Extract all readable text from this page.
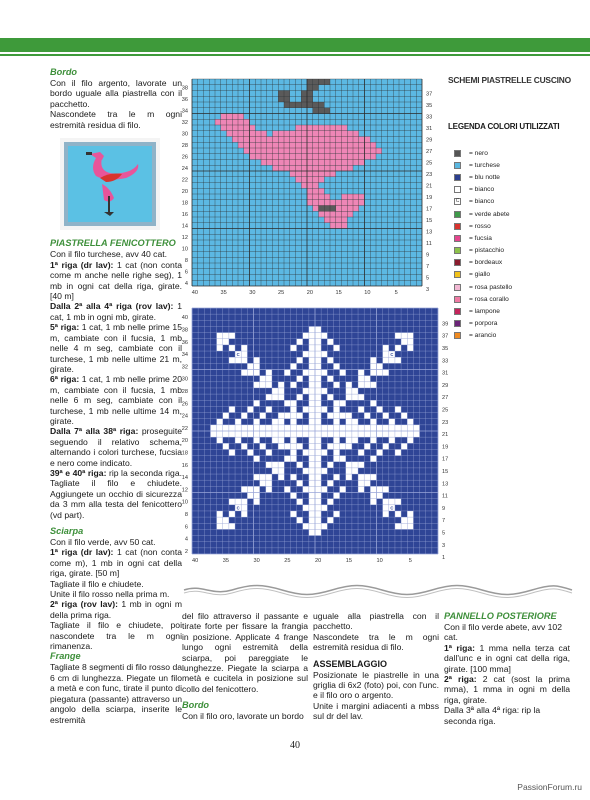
Bordo

Con il filo argento, lavorate un bordo uguale alla piastrella con il pacchetto.

Nascondete tra le m ogni estremità residua di filo.

PIASTRELLA FENICOTTERO

Con il filo turchese, avv 40 cat.

1ª riga (dr lav): 1 cat (non conta come m anche nelle righe seg), 1 mb in ogni cat della riga, girate. [40 m]

Dalla 2ª alla 4ª riga (rov lav): 1 cat, 1 mb in ogni mb, girate.

5ª riga: 1 cat, 1 mb nelle prime 15 m, cambiate con il fucsia, 1 mb nelle 4 m seg, cambiate con il turchese, 1 mb nelle ultime 21 m, girate.

6ª riga: 1 cat, 1 mb nelle prime 20 m, cambiate con il fucsia, 1 mb nelle 6 m seg, cambiate con il turchese, 1 mb nelle ultime 14 m, girate.

Dalla 7ª alla 38ª riga: proseguite seguendo il relativo schema, alternando i colori turchese, fucsia e nero come indicato.

39ª e 40ª riga: rip la seconda riga. Tagliate il filo e chiudete. Aggiungete un occhio di sicurezza da 3 mm alla testa del fenicottero (vd part).

Sciarpa

Con il filo verde, avv 50 cat.

1ª riga (dr lav): 1 cat (non conta come m), 1 mb in ogni cat della riga, girate. [50 m]

Tagliate il filo e chiudete.

Unite il filo rosso nella prima m.

2ª riga (rov lav): 1 mb in ogni m della prima riga.

Tagliate il filo e chiudete, poi nascondete tra le m ogni rimanenza.

Frange

Tagliate 8 segmenti di filo rosso da 6 cm di lunghezza. Piegate un filo a metà e con func, tirate il punto di piegatura (passante) attraverso un angolo della sciarpa, inserite le estremità

38
36
34
32
30
28
26
24
22
20
18
16
14
12
10
8
6
4
37
35
33
31
29
27
25
23
21
19
17
15
13
11
9
7
5
3
40	35	30	25	20	15	10	5
40
38
36
34
32
30
28
26
24
22
20
18
16
14
12
10
8
6
4
2
39
37
35
33
31
29
27
25
23
21
19
17
15
13
11
9
7
5
3
1
40	35	30	25	20	15	10	5
C
C
C	C
C
C
C
C
C	C
C
C
SCHEMI PIASTRELLE CUSCINO
LEGENDA COLORI UTILIZZATI
= nero
= turchese
= blu notte
= bianco
C = bianco
= verde abete
= rosso
= fucsia
= pistacchio
= bordeaux
= giallo
= rosa pastello
= rosa corallo
= lampone
= porpora
= arancio

del filo attraverso il passante e tirate forte per fissare la frangia in posizione. Applicate 4 frange lungo ogni estremità della sciarpa, poi pareggiate le lunghezze. Piegate la sciarpa a metà e cucitela in posizione sul collo del fenicottero.

Bordo

Con il filo oro, lavorate un bordo

uguale alla piastrella con il pacchetto.

Nascondete tra le m ogni estremità residua di filo.

ASSEMBLAGGIO

Posizionate le piastrelle in una griglia di 6x2 (foto) poi, con l'unc. e il filo oro o argento.

Unite i margini adiacenti a mbss sul dr del lav.

PANNELLO POSTERIORE

Con il filo verde abete, avv 102 cat.

1ª riga: 1 mma nella terza cat dall'unc e in ogni cat della riga, girate. [100 mma]

2ª riga: 2 cat (sost la prima mma), 1 mma in ogni m della riga, girate.

Dalla 3ª alla 4ª riga: rip la seconda riga.

40
PassionForum.ru
